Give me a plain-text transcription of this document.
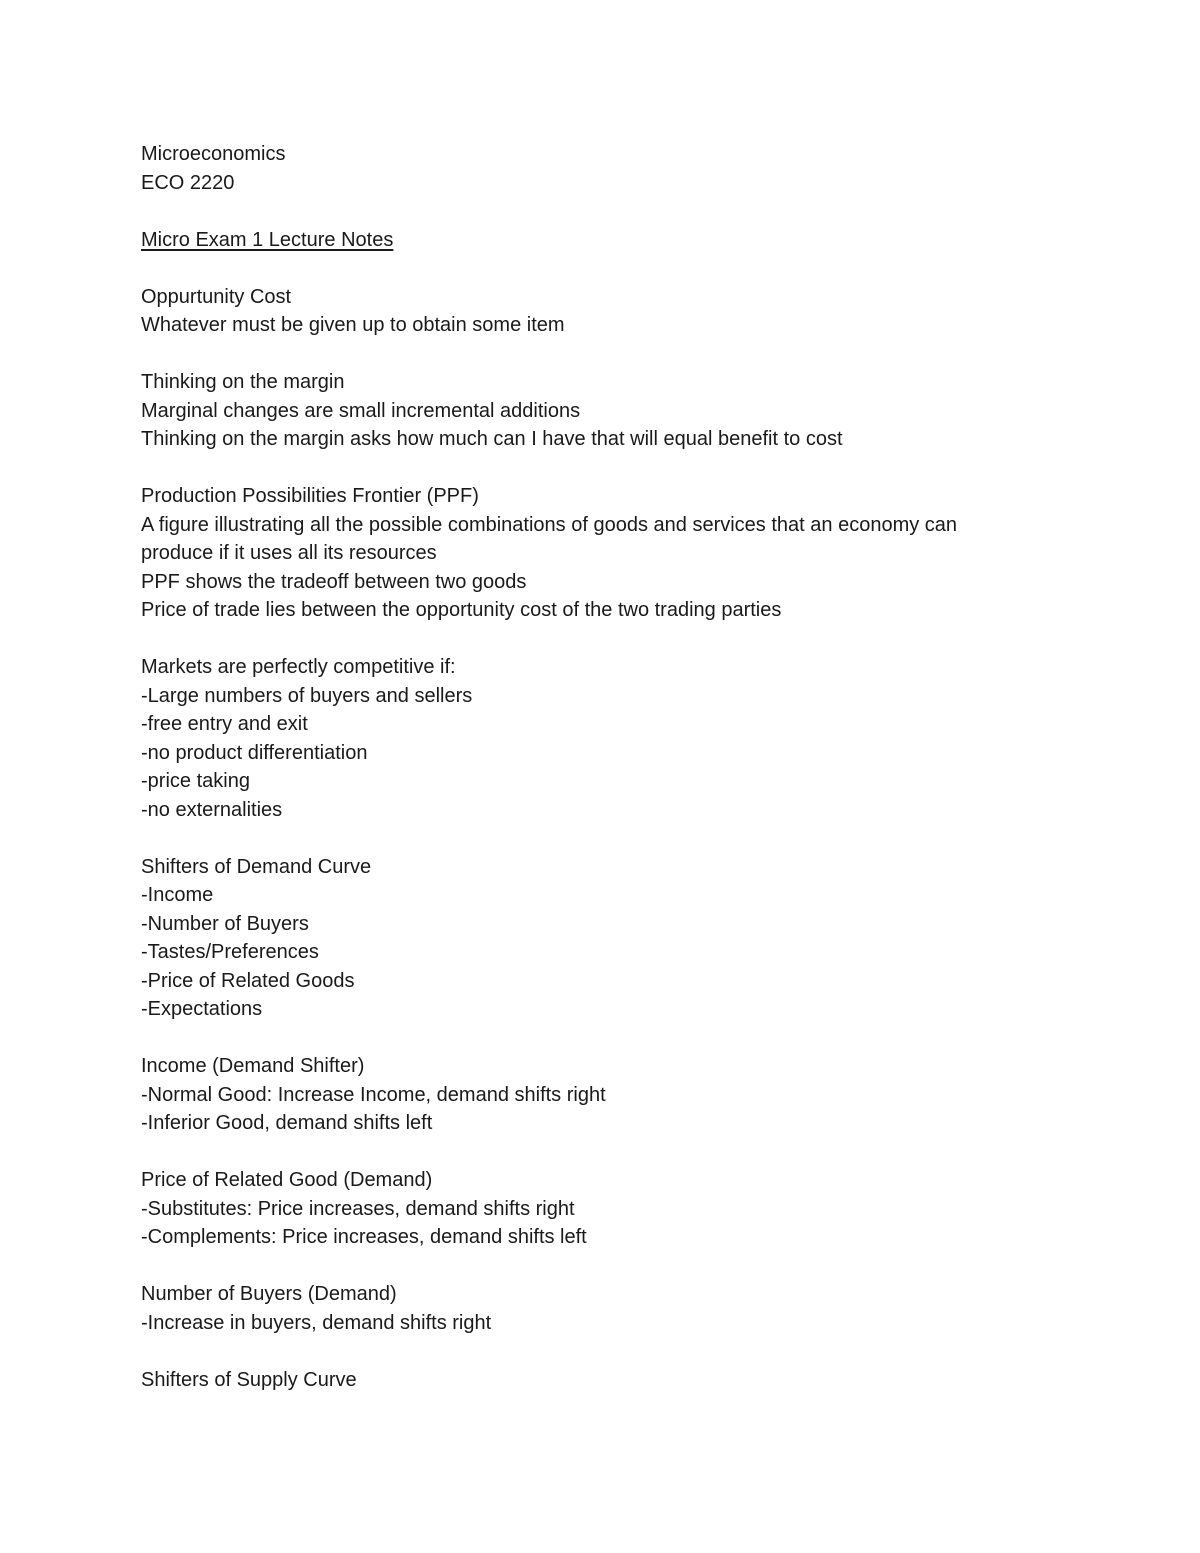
Microeconomics
ECO 2220
Micro Exam 1 Lecture Notes
Oppurtunity Cost
Whatever must be given up to obtain some item
Thinking on the margin
Marginal changes are small incremental additions
Thinking on the margin asks how much can I have that will equal benefit to cost
Production Possibilities Frontier (PPF)
A figure illustrating all the possible combinations of goods and services that an economy can
produce if it uses all its resources
PPF shows the tradeoff between two goods
Price of trade lies between the opportunity cost of the two trading parties
Markets are perfectly competitive if:
-Large numbers of buyers and sellers
-free entry and exit
-no product differentiation
-price taking
-no externalities
Shifters of Demand Curve
-Income
-Number of Buyers
-Tastes/Preferences
-Price of Related Goods
-Expectations
Income (Demand Shifter)
-Normal Good: Increase Income, demand shifts right
-Inferior Good, demand shifts left
Price of Related Good (Demand)
-Substitutes: Price increases, demand shifts right
-Complements: Price increases, demand shifts left
Number of Buyers (Demand)
-Increase in buyers, demand shifts right
Shifters of Supply Curve
